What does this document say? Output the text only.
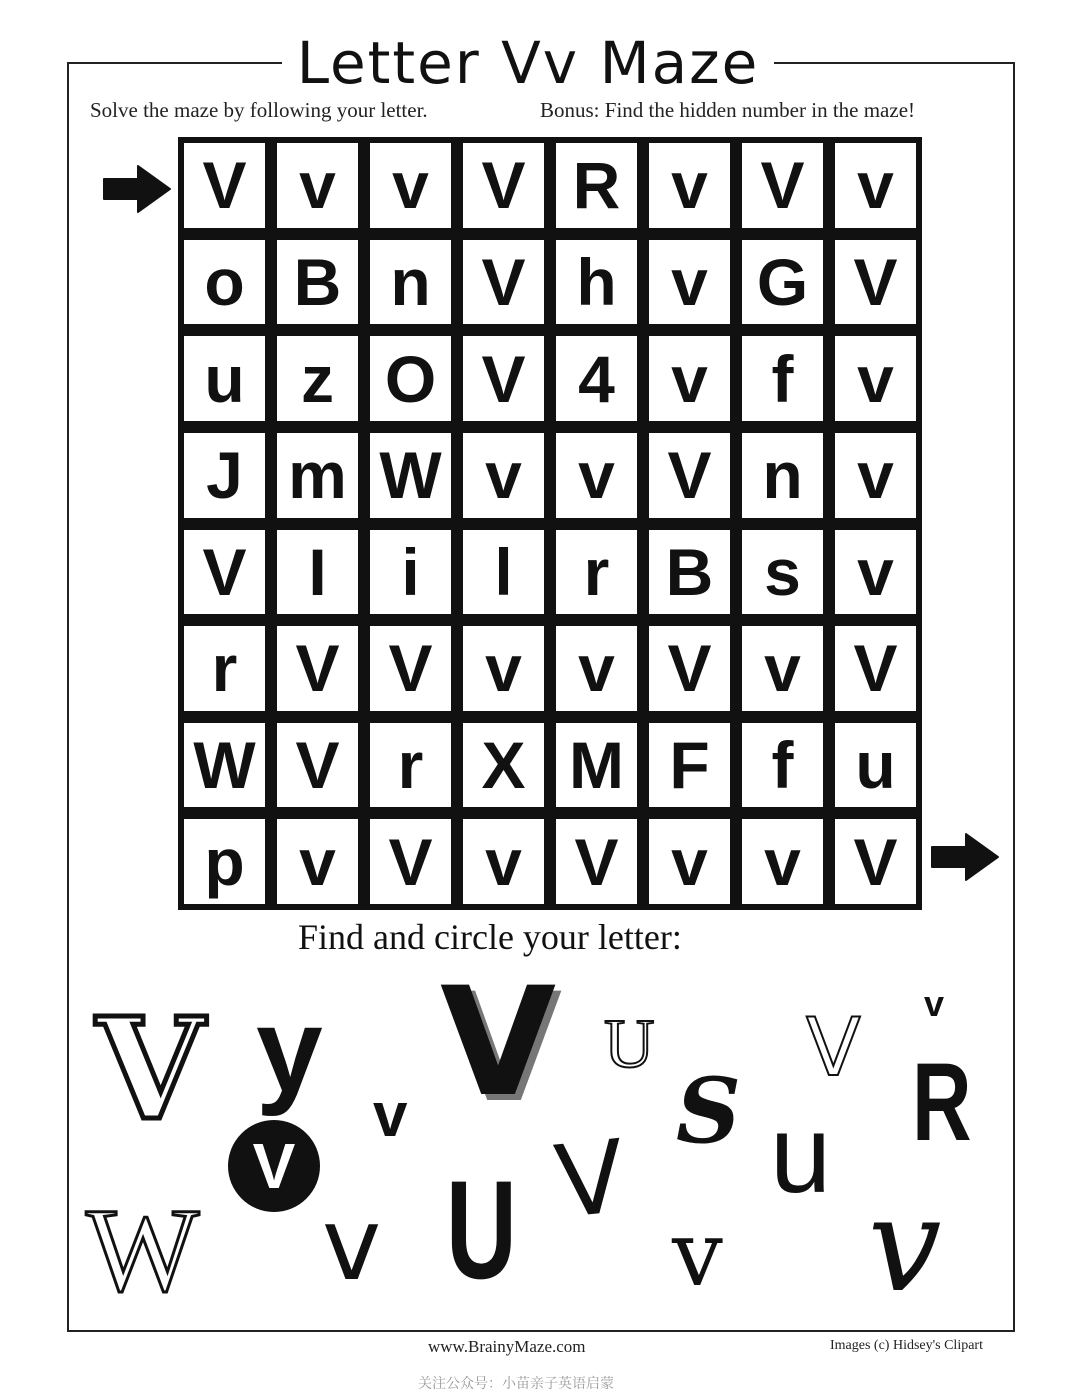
Letter Vv Maze
Solve the maze by following your letter.	Bonus: Find the hidden number in the maze!
V v v V R v V v
o B n V h v G V
u z O V 4 v f v
J m W v v V n v
V I	i	l	r B s v
r V V v v V v V
W V r X M F f u
p v V v V v v V
Find and circle your letter:
V y V U V v
v
V
S
V
R
u
W v U v v
www.BrainyMaze.com	Images (c) Hidsey's Clipart
关注公众号：小苗亲子英语启蒙
